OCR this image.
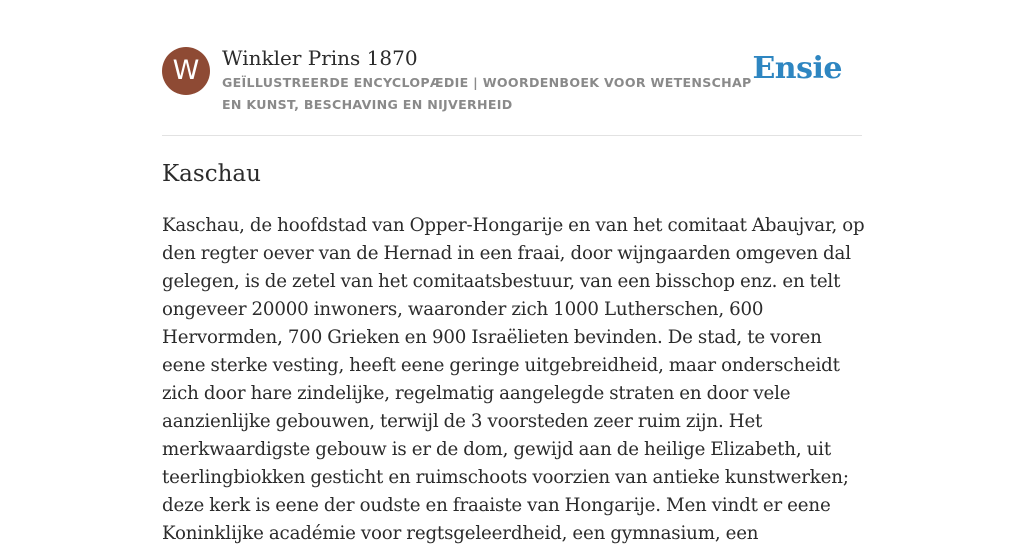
W	Winkler Prins 1870
GEÏLLUSTREERDE ENCYCLOPÆDIE | WOORDENBOEK VOOR WETENSCHAP EN KUNST, BESCHAVING EN NIJVERHEID
Ensie
Kaschau

Kaschau, de hoofdstad van Opper-Hongarije en van het comitaat Abaujvar, op den regter oever van de Hernad in een fraai, door wijngaarden omgeven dal gelegen, is de zetel van het comitaatsbestuur, van een bisschop enz. en telt ongeveer 20000 inwoners, waaronder zich 1000 Lutherschen, 600 Hervormden, 700 Grieken en 900 Israëlieten bevinden. De stad, te voren eene sterke vesting, heeft eene geringe uitgebreidheid, maar onderscheidt zich door hare zindelijke, regelmatig aangelegde straten en door vele aanzienlijke gebouwen, terwijl de 3 voorsteden zeer ruim zijn. Het merkwaardigste gebouw is er de dom, gewijd aan de heilige Elizabeth, uit teerlingbiokken gesticht en ruimschoots voorzien van antieke kunstwerken; deze kerk is eene der oudste en fraaiste van Hongarije. Men vindt er eene Koninklijke académie voor regtsgeleerdheid, een gymnasium, een
